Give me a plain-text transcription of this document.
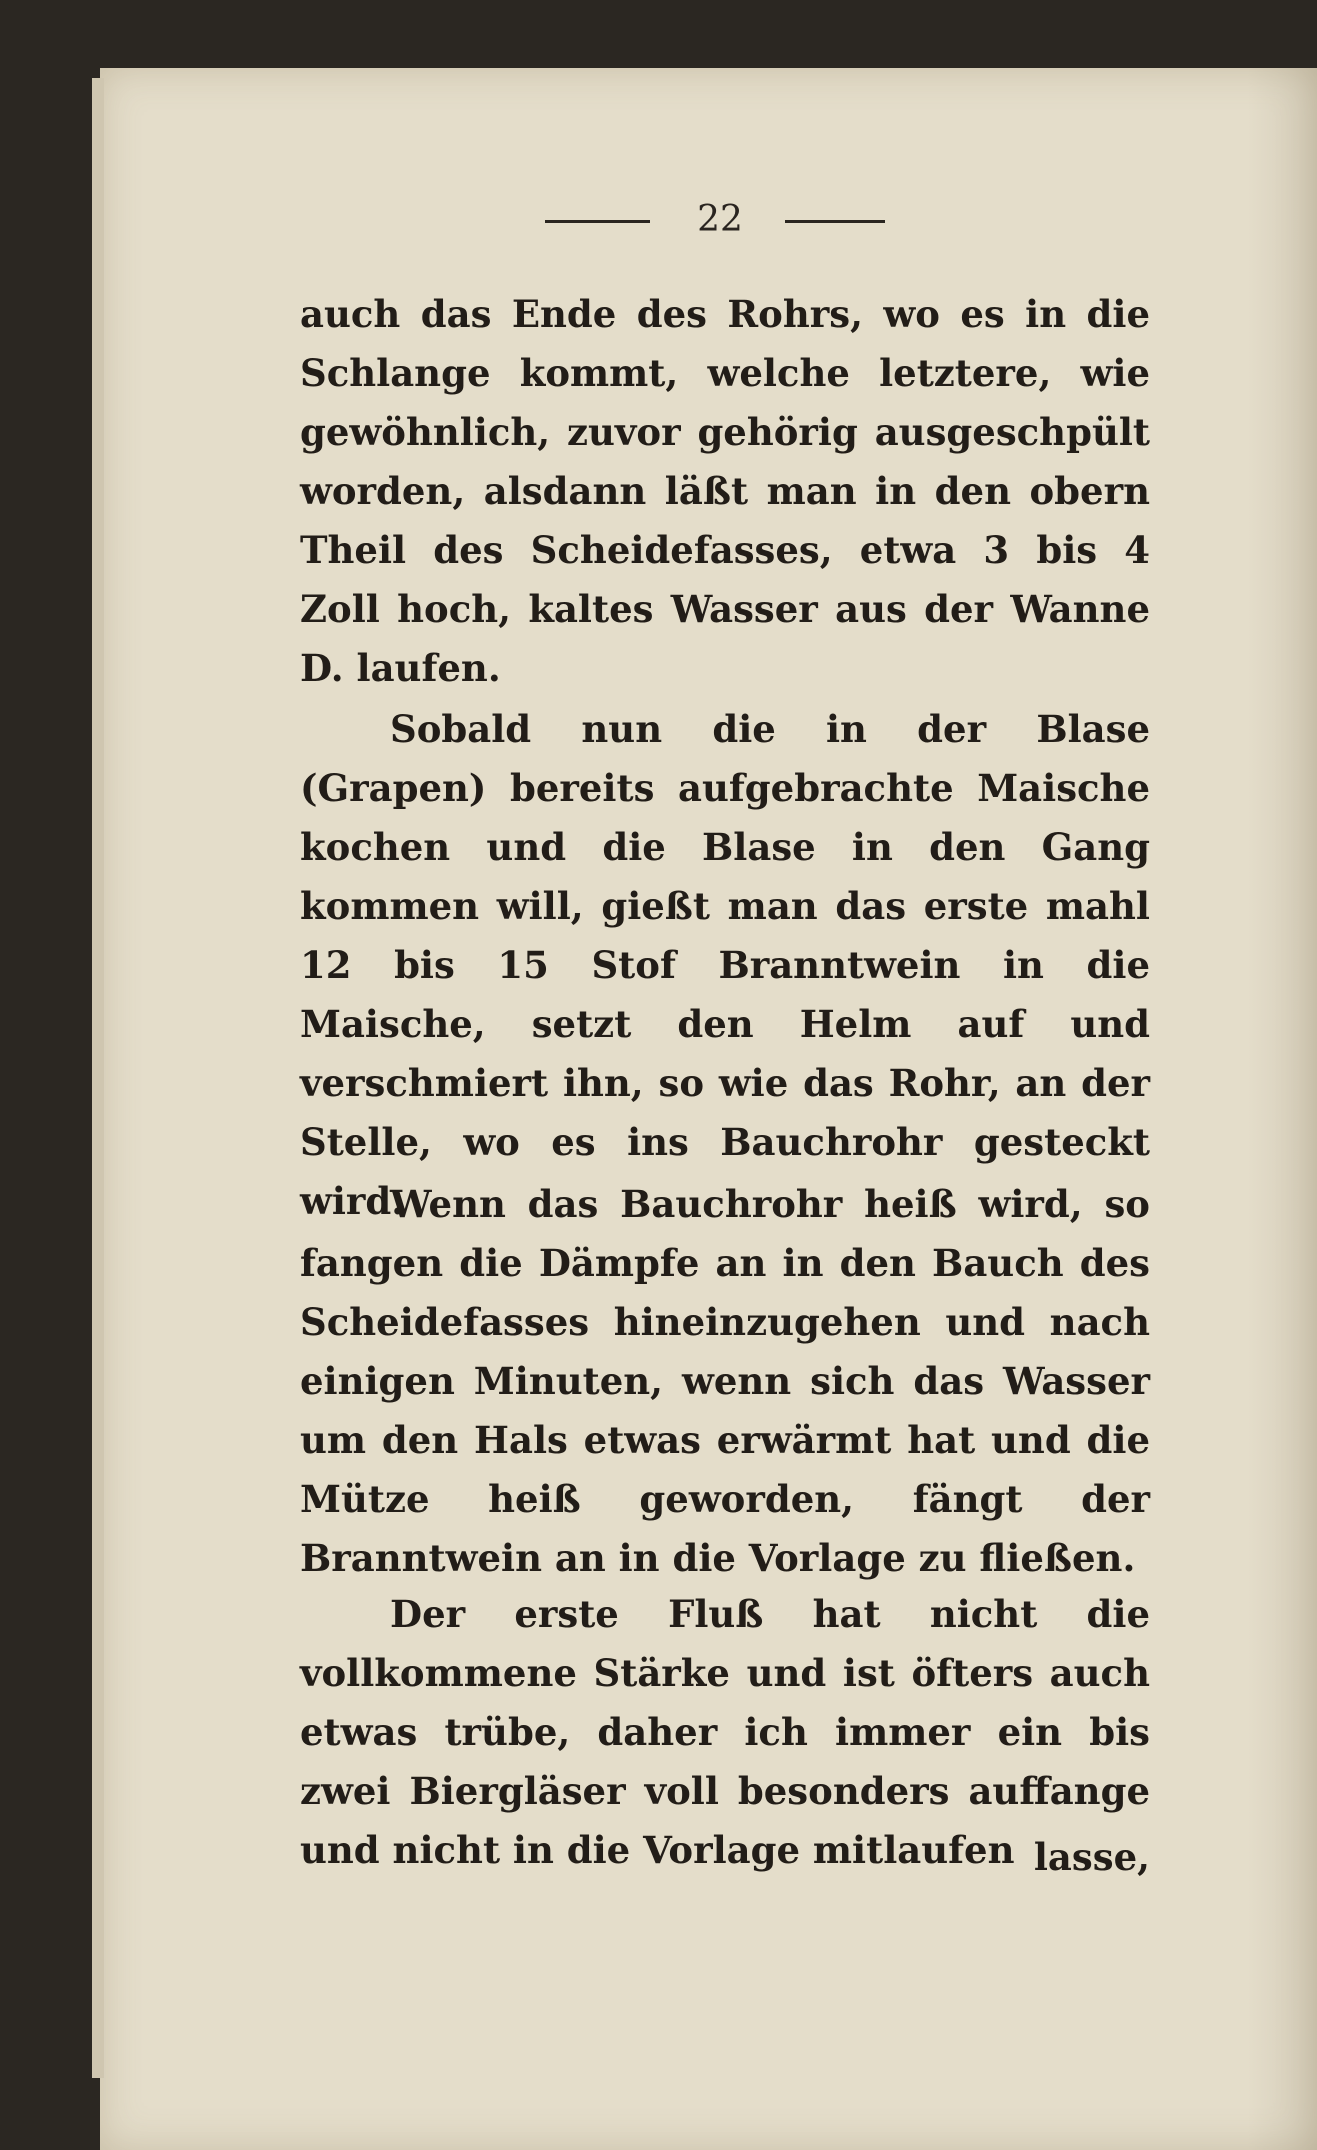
22

auch das Ende des Rohrs, wo es in die Schlange kommt, welche letztere, wie gewöhnlich, zuvor gehörig ausgeschpült worden, alsdann läßt man in den obern Theil des Scheidefasses, etwa 3 bis 4 Zoll hoch, kaltes Wasser aus der Wanne D. laufen.

Sobald nun die in der Blase (Grapen) bereits aufgebrachte Maische kochen und die Blase in den Gang kommen will, gießt man das erste mahl 12 bis 15 Stof Branntwein in die Maische, setzt den Helm auf und verschmiert ihn, so wie das Rohr, an der Stelle, wo es ins Bauchrohr gesteckt wird.

Wenn das Bauchrohr heiß wird, so fangen die Dämpfe an in den Bauch des Scheidefasses hineinzugehen und nach einigen Minuten, wenn sich das Wasser um den Hals etwas erwärmt hat und die Mütze heiß geworden, fängt der Branntwein an in die Vorlage zu fließen.

Der erste Fluß hat nicht die vollkommene Stärke und ist öfters auch etwas trübe, daher ich immer ein bis zwei Biergläser voll besonders auffange und nicht in die Vorlage mitlaufen lasse,
